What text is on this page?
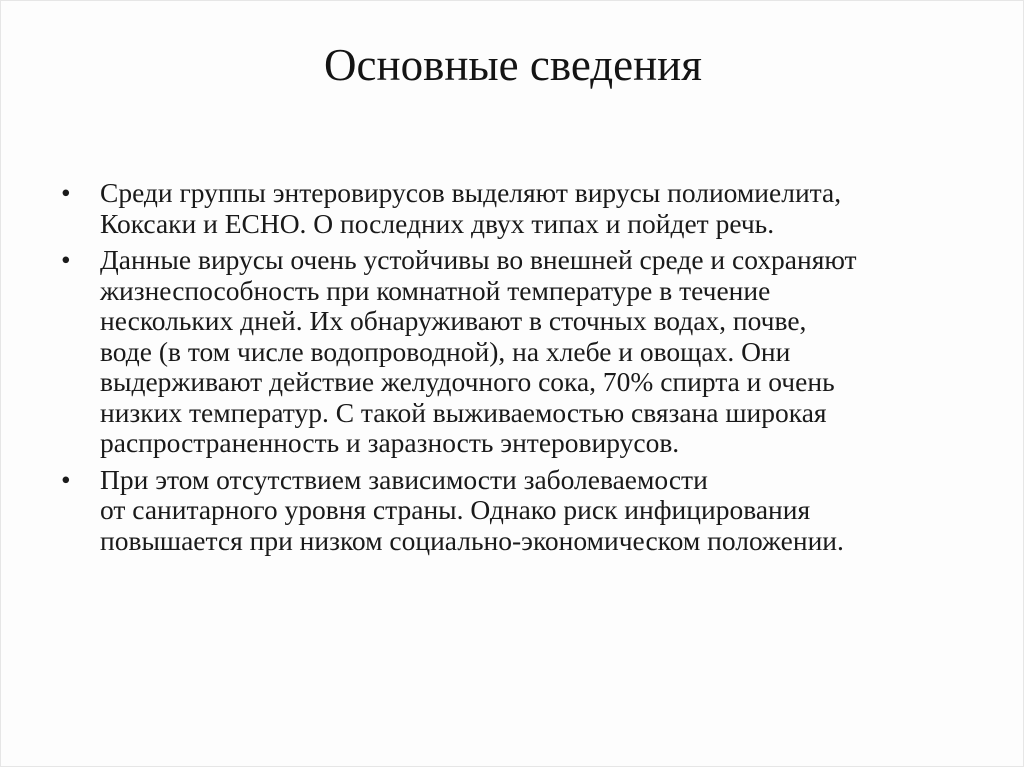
Основные сведения
• Среди группы энтеровирусов выделяют вирусы полиомиелита,
Коксаки и ECHO. О последних двух типах и пойдет речь.
• Данные вирусы очень устойчивы во внешней среде и сохраняют
жизнеспособность при комнатной температуре в течение
нескольких дней. Их обнаруживают в сточных водах, почве,
воде (в том числе водопроводной), на хлебе и овощах. Они
выдерживают действие желудочного сока, 70% спирта и очень
низких температур. С такой выживаемостью связана широкая
распространенность и заразность энтеровирусов.
• При этом отсутствием зависимости заболеваемости
от санитарного уровня страны. Однако риск инфицирования
повышается при низком социально-экономическом положении.
